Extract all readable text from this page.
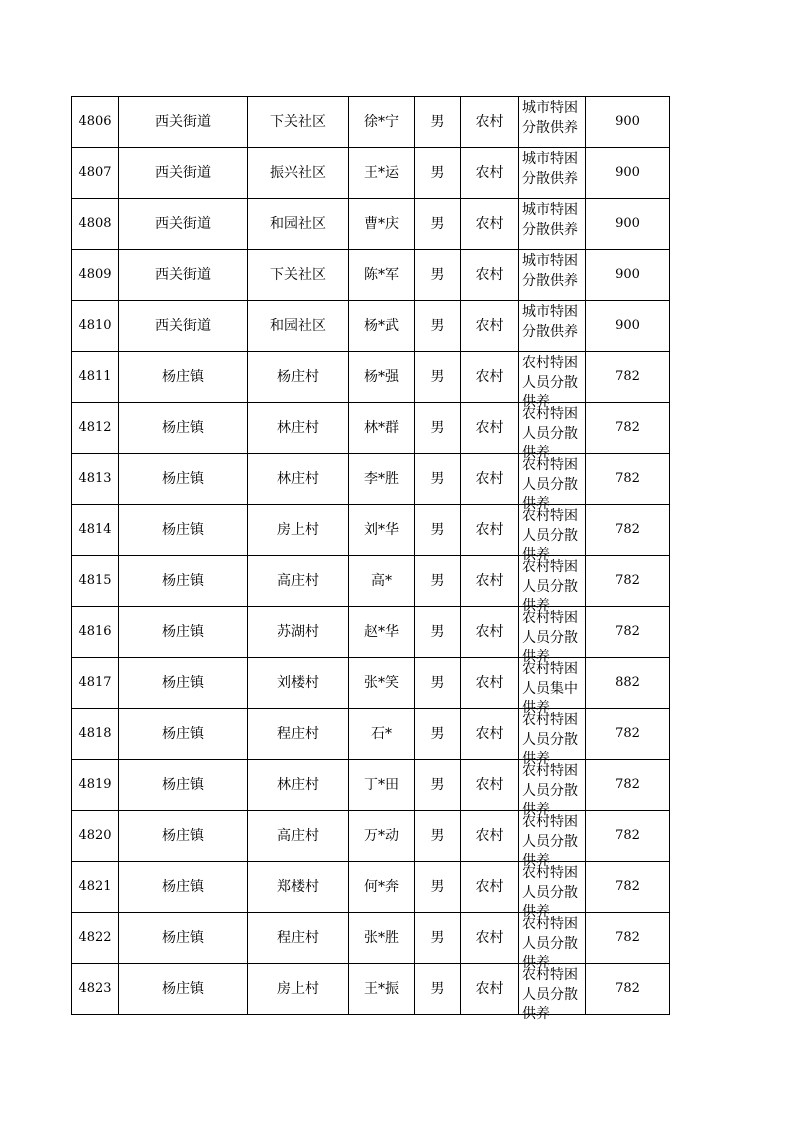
4806	西关街道	下关社区	徐*宁	男	农村	城市特困分散供养	900
4807	西关街道	振兴社区	王*运	男	农村	城市特困分散供养	900
4808	西关街道	和园社区	曹*庆	男	农村	城市特困分散供养	900
4809	西关街道	下关社区	陈*军	男	农村	城市特困分散供养	900
4810	西关街道	和园社区	杨*武	男	农村	城市特困分散供养	900
4811	杨庄镇	杨庄村	杨*强	男	农村	农村特困人员分散供养	782
4812	杨庄镇	林庄村	林*群	男	农村	农村特困人员分散供养	782
4813	杨庄镇	林庄村	李*胜	男	农村	农村特困人员分散供养	782
4814	杨庄镇	房上村	刘*华	男	农村	农村特困人员分散供养	782
4815	杨庄镇	高庄村	高*	男	农村	农村特困人员分散供养	782
4816	杨庄镇	苏湖村	赵*华	男	农村	农村特困人员分散供养	782
4817	杨庄镇	刘楼村	张*笑	男	农村	农村特困人员集中供养	882
4818	杨庄镇	程庄村	石*	男	农村	农村特困人员分散供养	782
4819	杨庄镇	林庄村	丁*田	男	农村	农村特困人员分散供养	782
4820	杨庄镇	高庄村	万*动	男	农村	农村特困人员分散供养	782
4821	杨庄镇	郑楼村	何*奔	男	农村	农村特困人员分散供养	782
4822	杨庄镇	程庄村	张*胜	男	农村	农村特困人员分散供养	782
4823	杨庄镇	房上村	王*振	男	农村	农村特困人员分散供养	782
